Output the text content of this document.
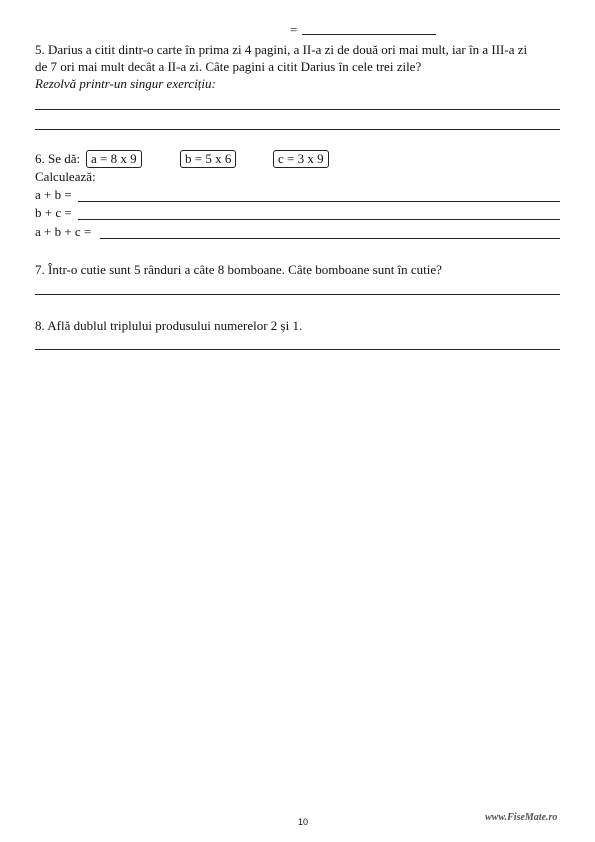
=
5. Darius a citit dintr-o carte în prima zi 4 pagini, a II-a zi de două ori mai mult, iar în a III-a zi
de 7 ori mai mult decât a II-a zi. Câte pagini a citit Darius în cele trei zile?
Rezolvă printr-un singur exercițiu:
6. Se dă: a = 8 x 9	b = 5 x 6	c = 3 x 9
Calculează:
a + b =
b + c =
a + b + c =
7. Într-o cutie sunt 5 rânduri a câte 8 bomboane. Câte bomboane sunt în cutie?
8. Află dublul triplului produsului numerelor 2 și 1.
10	www.FiseMate.ro
